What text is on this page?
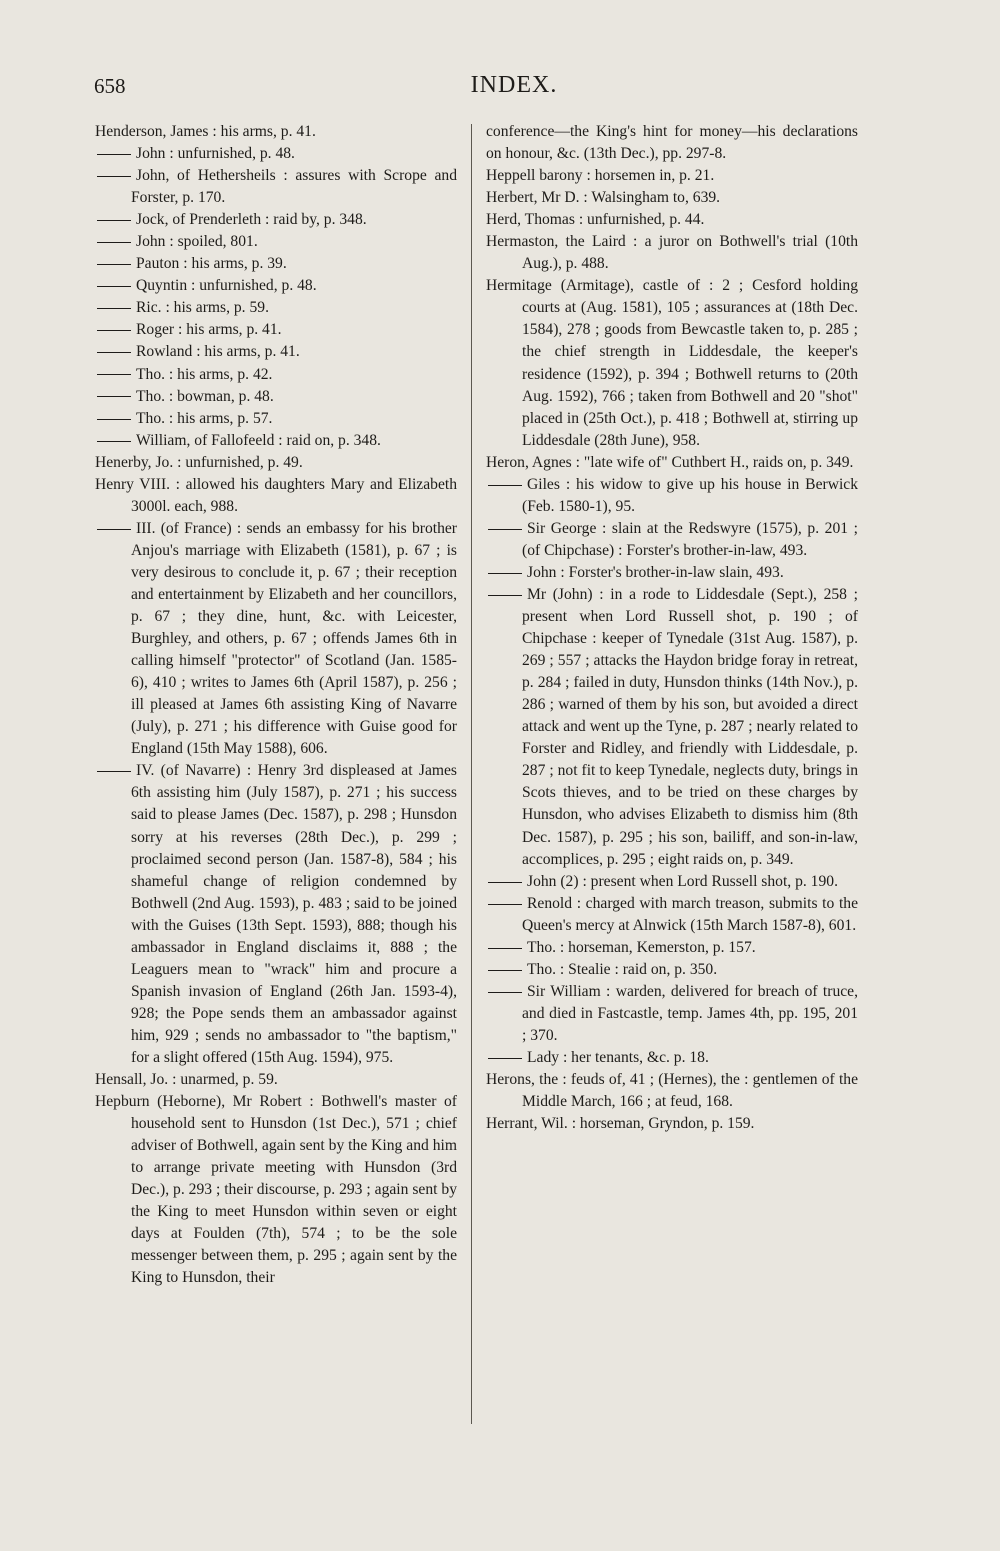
658	INDEX.

Henderson, James : his arms, p. 41.

John : unfurnished, p. 48.

John, of Hethersheils : assures with Scrope and Forster, p. 170.

Jock, of Prenderleth : raid by, p. 348.

John : spoiled, 801.

Pauton : his arms, p. 39.

Quyntin : unfurnished, p. 48.

Ric. : his arms, p. 59.

Roger : his arms, p. 41.

Rowland : his arms, p. 41.

Tho. : his arms, p. 42.

Tho. : bowman, p. 48.

Tho. : his arms, p. 57.

William, of Fallofeeld : raid on, p. 348.

Henerby, Jo. : unfurnished, p. 49.

Henry VIII. : allowed his daughters Mary and Elizabeth 3000l. each, 988.

III. (of France) : sends an embassy for his brother Anjou's marriage with Elizabeth (1581), p. 67 ; is very desirous to conclude it, p. 67 ; their reception and entertainment by Elizabeth and her councillors, p. 67 ; they dine, hunt, &c. with Leicester, Burghley, and others, p. 67 ; offends James 6th in calling himself "protector" of Scotland (Jan. 1585-6), 410 ; writes to James 6th (April 1587), p. 256 ; ill pleased at James 6th assisting King of Navarre (July), p. 271 ; his difference with Guise good for England (15th May 1588), 606.

IV. (of Navarre) : Henry 3rd displeased at James 6th assisting him (July 1587), p. 271 ; his success said to please James (Dec. 1587), p. 298 ; Hunsdon sorry at his reverses (28th Dec.), p. 299 ; proclaimed second person (Jan. 1587-8), 584 ; his shameful change of religion condemned by Bothwell (2nd Aug. 1593), p. 483 ; said to be joined with the Guises (13th Sept. 1593), 888; though his ambassador in England disclaims it, 888 ; the Leaguers mean to "wrack" him and procure a Spanish invasion of England (26th Jan. 1593-4), 928; the Pope sends them an ambassador against him, 929 ; sends no ambassador to "the baptism," for a slight offered (15th Aug. 1594), 975.

Hensall, Jo. : unarmed, p. 59.

Hepburn (Heborne), Mr Robert : Bothwell's master of household sent to Hunsdon (1st Dec.), 571 ; chief adviser of Bothwell, again sent by the King and him to arrange private meeting with Hunsdon (3rd Dec.), p. 293 ; their discourse, p. 293 ; again sent by the King to meet Hunsdon within seven or eight days at Foulden (7th), 574 ; to be the sole messenger between them, p. 295 ; again sent by the King to Hunsdon, their

conference—the King's hint for money—his declarations on honour, &c. (13th Dec.), pp. 297-8.

Heppell barony : horsemen in, p. 21.

Herbert, Mr D. : Walsingham to, 639.

Herd, Thomas : unfurnished, p. 44.

Hermaston, the Laird : a juror on Bothwell's trial (10th Aug.), p. 488.

Hermitage (Armitage), castle of : 2 ; Cesford holding courts at (Aug. 1581), 105 ; assurances at (18th Dec. 1584), 278 ; goods from Bewcastle taken to, p. 285 ; the chief strength in Liddesdale, the keeper's residence (1592), p. 394 ; Bothwell returns to (20th Aug. 1592), 766 ; taken from Bothwell and 20 "shot" placed in (25th Oct.), p. 418 ; Bothwell at, stirring up Liddesdale (28th June), 958.

Heron, Agnes : "late wife of" Cuthbert H., raids on, p. 349.

Giles : his widow to give up his house in Berwick (Feb. 1580-1), 95.

Sir George : slain at the Redswyre (1575), p. 201 ; (of Chipchase) : Forster's brother-in-law, 493.

John : Forster's brother-in-law slain, 493.

Mr (John) : in a rode to Liddesdale (Sept.), 258 ; present when Lord Russell shot, p. 190 ; of Chipchase : keeper of Tynedale (31st Aug. 1587), p. 269 ; 557 ; attacks the Haydon bridge foray in retreat, p. 284 ; failed in duty, Hunsdon thinks (14th Nov.), p. 286 ; warned of them by his son, but avoided a direct attack and went up the Tyne, p. 287 ; nearly related to Forster and Ridley, and friendly with Liddesdale, p. 287 ; not fit to keep Tynedale, neglects duty, brings in Scots thieves, and to be tried on these charges by Hunsdon, who advises Elizabeth to dismiss him (8th Dec. 1587), p. 295 ; his son, bailiff, and son-in-law, accomplices, p. 295 ; eight raids on, p. 349.

John (2) : present when Lord Russell shot, p. 190.

Renold : charged with march treason, submits to the Queen's mercy at Alnwick (15th March 1587-8), 601.

Tho. : horseman, Kemerston, p. 157.

Tho. : Stealie : raid on, p. 350.

Sir William : warden, delivered for breach of truce, and died in Fastcastle, temp. James 4th, pp. 195, 201 ; 370.

Lady : her tenants, &c. p. 18.

Herons, the : feuds of, 41 ; (Hernes), the : gentlemen of the Middle March, 166 ; at feud, 168.

Herrant, Wil. : horseman, Gryndon, p. 159.
